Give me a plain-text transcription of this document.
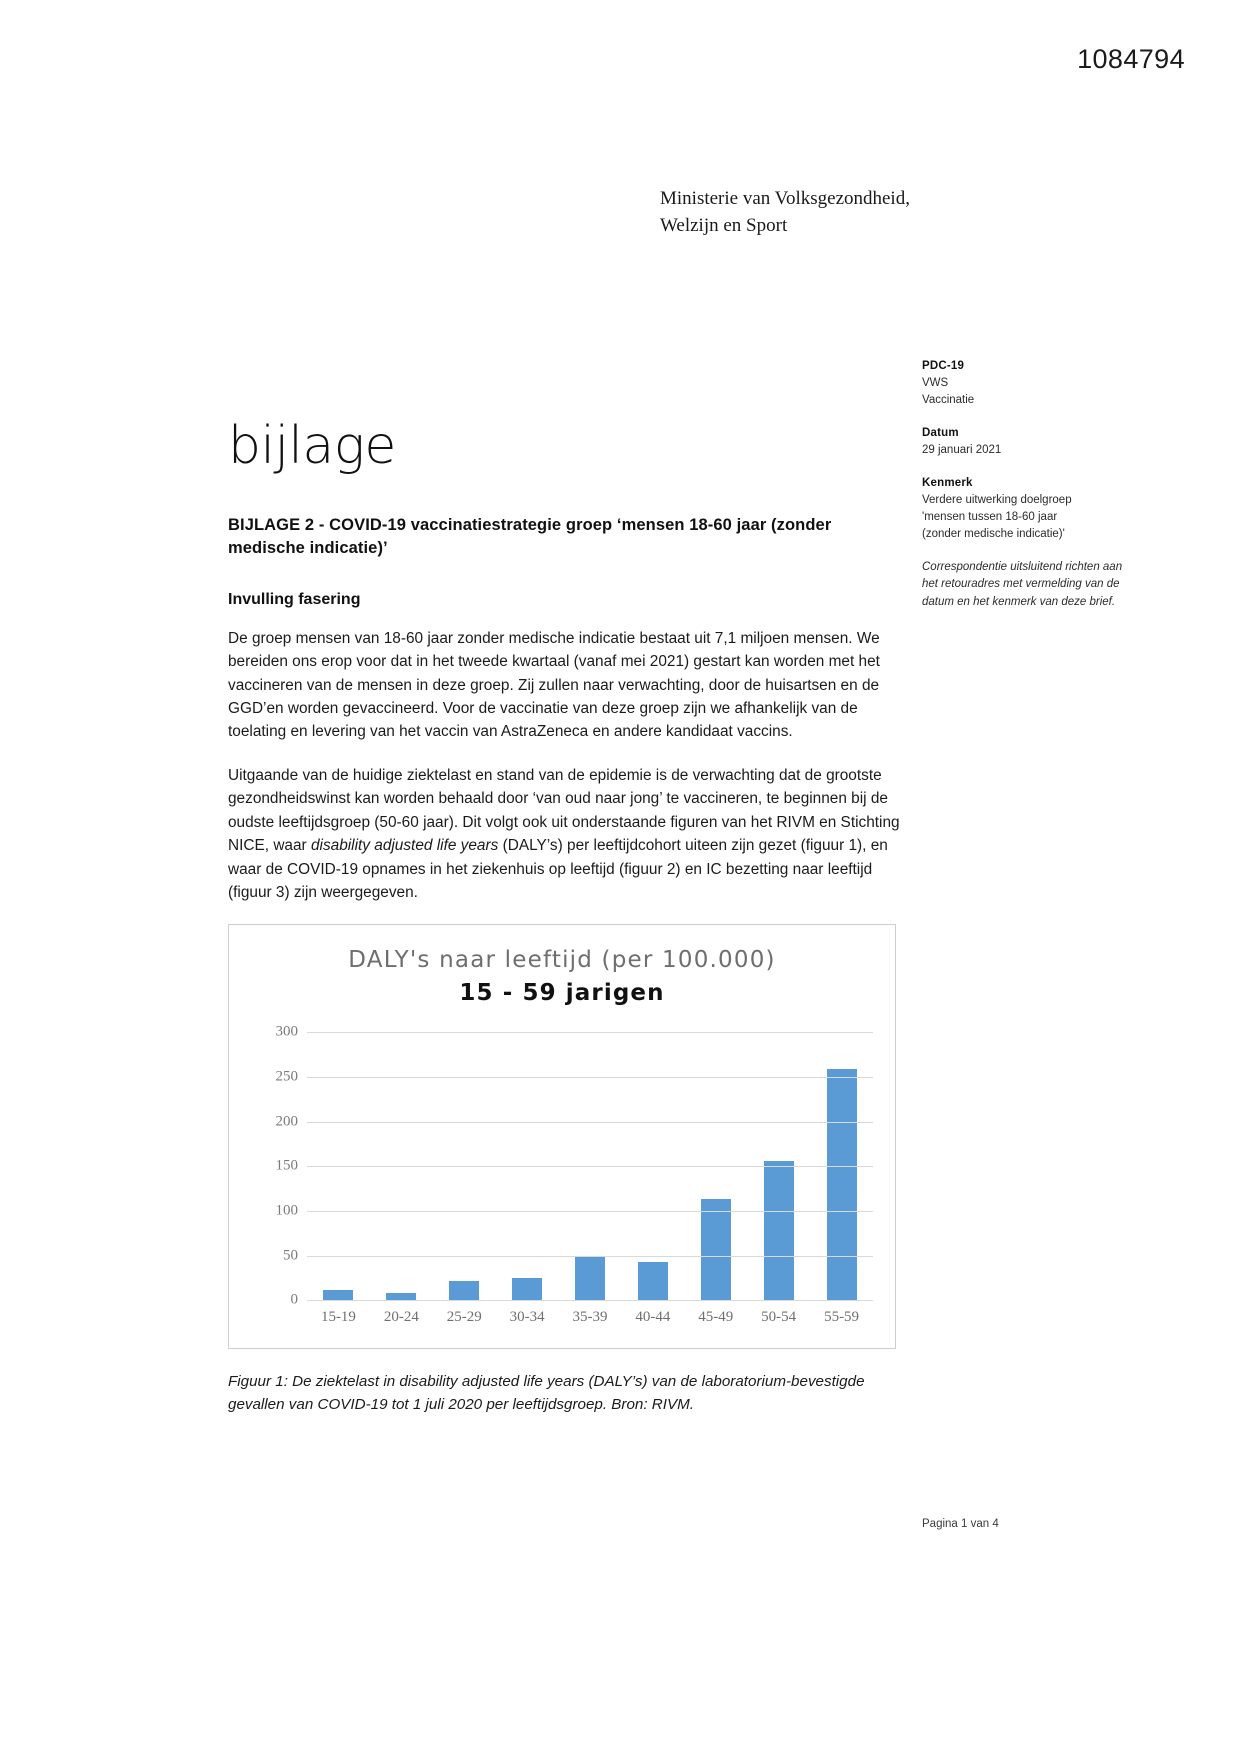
1084794
Ministerie van Volksgezondheid,
Welzijn en Sport
PDC-19
VWS
Vaccinatie
Datum
29 januari 2021
Kenmerk
Verdere uitwerking doelgroep
'mensen tussen 18-60 jaar
(zonder medische indicatie)'
Correspondentie uitsluitend richten aan het retouradres met vermelding van de datum en het kenmerk van deze brief.
bijlage
BIJLAGE 2 - COVID-19 vaccinatiestrategie groep ‘mensen 18-60 jaar (zonder medische indicatie)’
Invulling fasering

De groep mensen van 18-60 jaar zonder medische indicatie bestaat uit 7,1 miljoen mensen. We bereiden ons erop voor dat in het tweede kwartaal (vanaf mei 2021) gestart kan worden met het vaccineren van de mensen in deze groep. Zij zullen naar verwachting, door de huisartsen en de GGD’en worden gevaccineerd. Voor de vaccinatie van deze groep zijn we afhankelijk van de toelating en levering van het vaccin van AstraZeneca en andere kandidaat vaccins.

Uitgaande van de huidige ziektelast en stand van de epidemie is de verwachting dat de grootste gezondheidswinst kan worden behaald door ‘van oud naar jong’ te vaccineren, te beginnen bij de oudste leeftijdsgroep (50-60 jaar). Dit volgt ook uit onderstaande figuren van het RIVM en Stichting NICE, waar disability adjusted life years (DALY’s) per leeftijdcohort uiteen zijn gezet (figuur 1), en waar de COVID-19 opnames in het ziekenhuis op leeftijd (figuur 2) en IC bezetting naar leeftijd (figuur 3) zijn weergegeven.

DALY's naar leeftijd (per 100.000)
15 - 59 jarigen
300
250
200
150
100
50
0
15-19	20-24	25-29	30-34	35-39	40-44	45-49	50-54	55-59
Figuur 1: De ziektelast in disability adjusted life years (DALY’s) van de laboratorium-bevestigde gevallen van COVID-19 tot 1 juli 2020 per leeftijdsgroep. Bron: RIVM.
Pagina 1 van 4
